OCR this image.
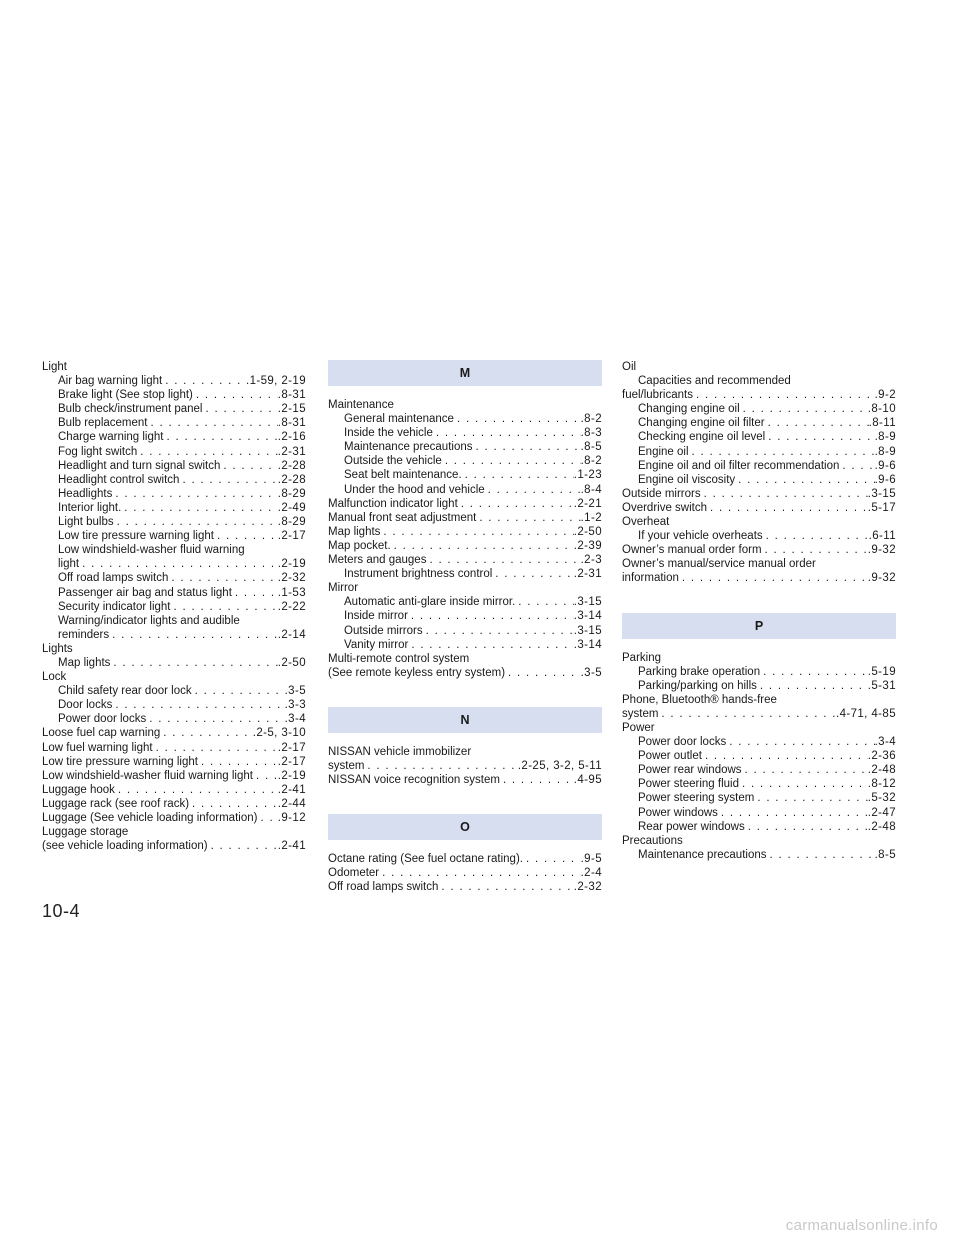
Light
Air bag warning light . . .	.1-59, 2-19
Brake light (See stop light) . . .	.8-31
Bulb check/instrument panel . . .	.2-15
Bulb replacement . . .	.8-31
Charge warning light . . .	.2-16
Fog light switch . . .	.2-31
Headlight and turn signal switch . . .	.2-28
Headlight control switch . . .	.2-28
Headlights . . .	.8-29
Interior light. . . .	.2-49
Light bulbs . . .	.8-29
Low tire pressure warning light . . .	.2-17
Low windshield-washer fluid warning
light . . .	.2-19
Off road lamps switch . . .	.2-32
Passenger air bag and status light . . .	.1-53
Security indicator light . . .	.2-22
Warning/indicator lights and audible
reminders . . .	.2-14
Lights
Map lights . . .	.2-50
Lock
Child safety rear door lock . . .	.3-5
Door locks . . .	.3-3
Power door locks . . .	.3-4
Loose fuel cap warning . . .	.2-5, 3-10
Low fuel warning light . . .	.2-17
Low tire pressure warning light . . .	.2-17
Low windshield-washer fluid warning light . . . .2-19
Luggage hook . . .	.2-41
Luggage rack (see roof rack) . . .	.2-44
Luggage (See vehicle loading information) . . . .9-12
Luggage storage
(see vehicle loading information) . . .	.2-41
M
Maintenance
General maintenance . . .	.8-2
Inside the vehicle . . .	.8-3
Maintenance precautions . . .	.8-5
Outside the vehicle . . .	.8-2
Seat belt maintenance. . . .	.1-23
Under the hood and vehicle . . .	.8-4
Malfunction indicator light . . .	.2-21
Manual front seat adjustment . . .	.1-2
Map lights . . .	.2-50
Map pocket. . . .	.2-39
Meters and gauges . . .	.2-3
Instrument brightness control . . .	.2-31
Mirror
Automatic anti-glare inside mirror. . . .	.3-15
Inside mirror . . .	.3-14
Outside mirrors . . .	.3-15
Vanity mirror . . .	.3-14
Multi-remote control system
(See remote keyless entry system) . . .	.3-5
N
NISSAN vehicle immobilizer
system . . .	.2-25, 3-2, 5-11
NISSAN voice recognition system . . .	.4-95
O
Octane rating (See fuel octane rating). . . .	.9-5
Odometer . . .	.2-4
Off road lamps switch . . .	.2-32
Oil
Capacities and recommended
fuel/lubricants . . .	.9-2
Changing engine oil . . .	.8-10
Changing engine oil filter . . .	.8-11
Checking engine oil level . . .	.8-9
Engine oil . . .	.8-9
Engine oil and oil filter recommendation . . .	.9-6
Engine oil viscosity . . .	.9-6
Outside mirrors . . .	.3-15
Overdrive switch . . .	.5-17
Overheat
If your vehicle overheats . . .	.6-11
Owner’s manual order form . . .	.9-32
Owner’s manual/service manual order
information . . .	.9-32
P
Parking
Parking brake operation . . .	.5-19
Parking/parking on hills . . .	.5-31
Phone, Bluetooth® hands-free
system . . .	.4-71, 4-85
Power
Power door locks . . .	.3-4
Power outlet . . .	.2-36
Power rear windows . . .	.2-48
Power steering fluid . . .	.8-12
Power steering system . . .	.5-32
Power windows . . .	.2-47
Rear power windows . . .	.2-48
Precautions
Maintenance precautions . . .	.8-5
10-4
carmanualsonline.info
